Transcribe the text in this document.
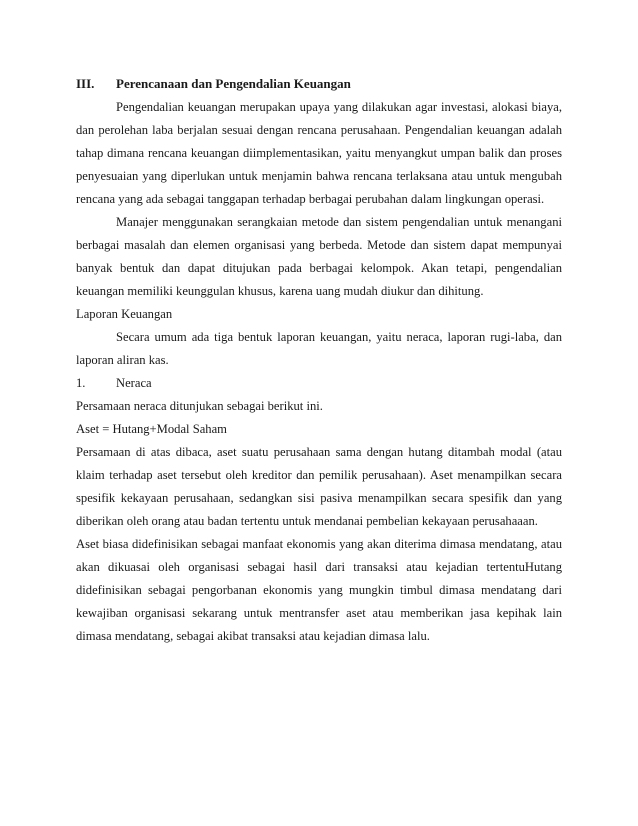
III.	Perencanaan dan Pengendalian Keuangan

Pengendalian keuangan merupakan upaya yang dilakukan agar investasi, alokasi biaya, dan perolehan laba berjalan sesuai dengan rencana perusahaan. Pengendalian keuangan adalah tahap dimana rencana keuangan diimplementasikan, yaitu menyangkut umpan balik dan proses penyesuaian yang diperlukan untuk menjamin bahwa rencana terlaksana atau untuk mengubah rencana yang ada sebagai tanggapan terhadap berbagai perubahan dalam lingkungan operasi.

Manajer menggunakan serangkaian metode dan sistem pengendalian untuk menangani berbagai masalah dan elemen organisasi yang berbeda. Metode dan sistem dapat mempunyai banyak bentuk dan dapat ditujukan pada berbagai kelompok. Akan tetapi, pengendalian keuangan memiliki keunggulan khusus, karena uang mudah diukur dan dihitung.

Laporan Keuangan

Secara umum ada tiga bentuk laporan keuangan, yaitu neraca, laporan rugi-laba, dan laporan aliran kas.

1.	Neraca

Persamaan neraca ditunjukan sebagai berikut ini.

Aset = Hutang+Modal Saham

Persamaan di atas dibaca, aset suatu perusahaan sama dengan hutang ditambah modal (atau klaim terhadap aset tersebut oleh kreditor dan pemilik perusahaan). Aset menampilkan secara spesifik kekayaan perusahaan, sedangkan sisi pasiva menampilkan secara spesifik dan yang diberikan oleh orang atau badan tertentu untuk mendanai pembelian kekayaan perusahaaan.

Aset biasa didefinisikan sebagai manfaat ekonomis yang akan diterima dimasa mendatang, atau akan dikuasai oleh organisasi sebagai hasil dari transaksi atau kejadian tertentuHutang didefinisikan sebagai pengorbanan ekonomis yang mungkin timbul dimasa mendatang dari kewajiban organisasi sekarang untuk mentransfer aset atau memberikan jasa kepihak lain dimasa mendatang, sebagai akibat transaksi atau kejadian dimasa lalu.
